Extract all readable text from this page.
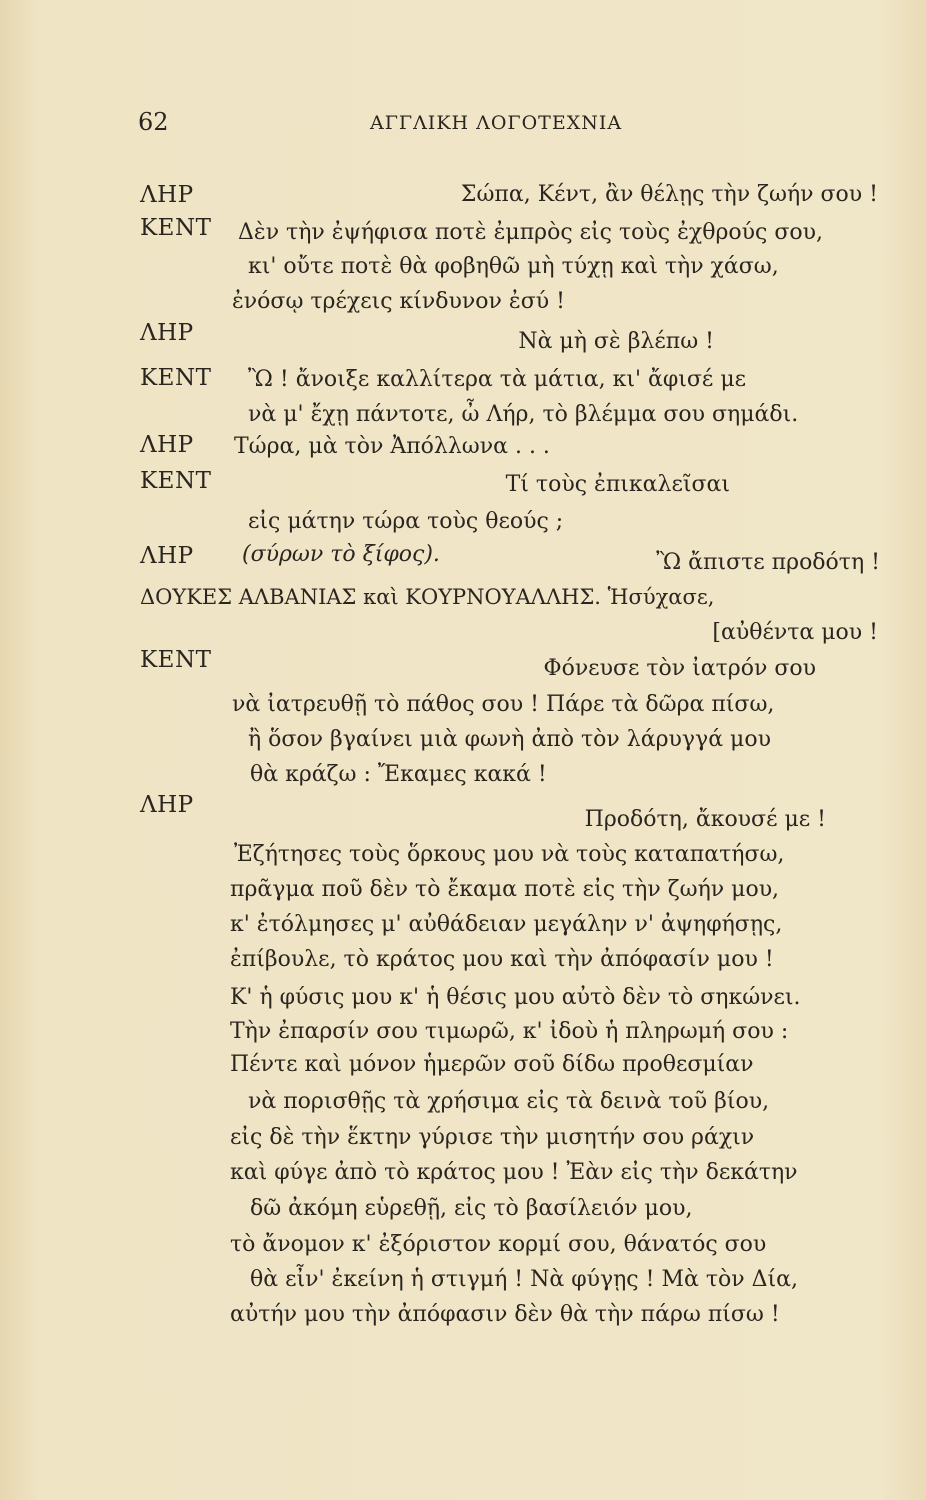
62	ΑΓΓΛΙΚΗ ΛΟΓΟΤΕΧΝΙΑ
ΛΗΡ
ΚΕΝΤ
ΛΗΡ
ΚΕΝΤ
ΛΗΡ
ΚΕΝΤ
ΛΗΡ
ΚΕΝΤ
ΛΗΡ
Σώπα, Κέντ, ἂν θέλῃς τὴν ζωήν σου !
Δὲν τὴν ἐψήφισα ποτὲ ἐμπρὸς εἰς τοὺς ἐχθρούς σου,
κι' οὔτε ποτὲ θὰ φοβηθῶ μὴ τύχῃ καὶ τὴν χάσω,
ἐνόσῳ τρέχεις κίνδυνον ἐσύ !
Νὰ μὴ σὲ βλέπω !
Ὢ ! ἄνοιξε καλλίτερα τὰ μάτια, κι' ἄφισέ με
νὰ μ' ἔχῃ πάντοτε, ὦ Λήρ, τὸ βλέμμα σου σημάδι.
Τώρα, μὰ τὸν Ἀπόλλωνα . . .
Τί τοὺς ἐπικαλεῖσαι
εἰς μάτην τώρα τοὺς θεούς ;
(σύρων τὸ ξίφος).	Ὢ ἄπιστε προδότη !
ΔΟΥΚΕΣ ΑΛΒΑΝΙΑΣ καὶ ΚΟΥΡΝΟΥΑΛΛΗΣ. Ἡσύχασε,
[αὐθέντα μου !
Φόνευσε τὸν ἰατρόν σου
νὰ ἰατρευθῇ τὸ πάθος σου ! Πάρε τὰ δῶρα πίσω,
ἢ ὅσον βγαίνει μιὰ φωνὴ ἀπὸ τὸν λάρυγγά μου
θὰ κράζω : Ἔκαμες κακά !
Προδότη, ἄκουσέ με !
Ἐζήτησες τοὺς ὅρκους μου νὰ τοὺς καταπατήσω,
πρᾶγμα ποῦ δὲν τὸ ἔκαμα ποτὲ εἰς τὴν ζωήν μου,
κ' ἐτόλμησες μ' αὐθάδειαν μεγάλην ν' ἀψηφήσῃς,
ἐπίβουλε, τὸ κράτος μου καὶ τὴν ἀπόφασίν μου !
Κ' ἡ φύσις μου κ' ἡ θέσις μου αὐτὸ δὲν τὸ σηκώνει.
Τὴν ἐπαρσίν σου τιμωρῶ, κ' ἰδοὺ ἡ πληρωμή σου :
Πέντε καὶ μόνον ἡμερῶν σοῦ δίδω προθεσμίαν
νὰ πορισθῇς τὰ χρήσιμα εἰς τὰ δεινὰ τοῦ βίου,
εἰς δὲ τὴν ἕκτην γύρισε τὴν μισητήν σου ράχιν
καὶ φύγε ἀπὸ τὸ κράτος μου ! Ἐὰν εἰς τὴν δεκάτην
δῶ ἀκόμη εὑρεθῇ, εἰς τὸ βασίλειόν μου,
τὸ ἄνομον κ' ἐξόριστον κορμί σου, θάνατός σου
θὰ εἶν' ἐκείνη ἡ στιγμή ! Νὰ φύγῃς ! Μὰ τὸν Δία,
αὐτήν μου τὴν ἀπόφασιν δὲν θὰ τὴν πάρω πίσω !
